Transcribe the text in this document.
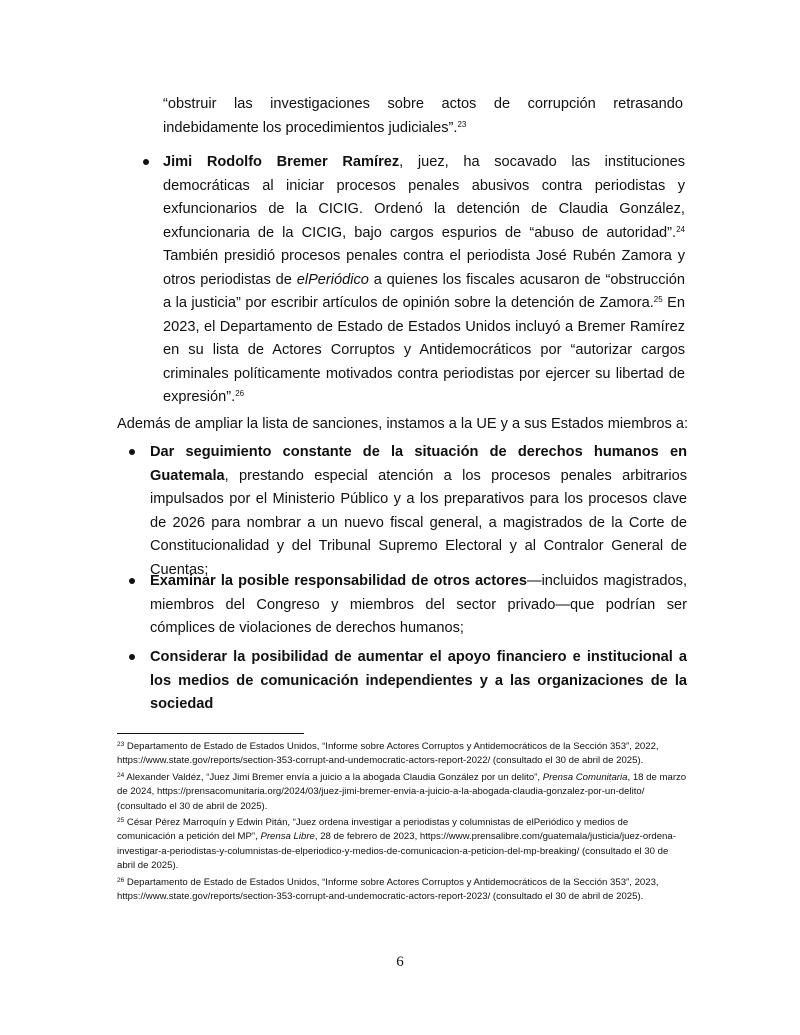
“obstruir las investigaciones sobre actos de corrupción retrasando indebidamente los procedimientos judiciales”.$^{23}$
Jimi Rodolfo Bremer Ramírez, juez, ha socavado las instituciones democráticas al iniciar procesos penales abusivos contra periodistas y exfuncionarios de la CICIG. Ordenó la detención de Claudia González, exfuncionaria de la CICIG, bajo cargos espurios de “abuso de autoridad”.$^{24}$ También presidió procesos penales contra el periodista José Rubén Zamora y otros periodistas de elPeriódico a quienes los fiscales acusaron de “obstrucción a la justicia” por escribir artículos de opinión sobre la detención de Zamora.$^{25}$ En 2023, el Departamento de Estado de Estados Unidos incluyó a Bremer Ramírez en su lista de Actores Corruptos y Antidemocráticos por “autorizar cargos criminales políticamente motivados contra periodistas por ejercer su libertad de expresión”.$^{26}$
Además de ampliar la lista de sanciones, instamos a la UE y a sus Estados miembros a:
Dar seguimiento constante de la situación de derechos humanos en Guatemala, prestando especial atención a los procesos penales arbitrarios impulsados por el Ministerio Público y a los preparativos para los procesos clave de 2026 para nombrar a un nuevo fiscal general, a magistrados de la Corte de Constitucionalidad y del Tribunal Supremo Electoral y al Contralor General de Cuentas;
Examinar la posible responsabilidad de otros actores—incluidos magistrados, miembros del Congreso y miembros del sector privado—que podrían ser cómplices de violaciones de derechos humanos;
Considerar la posibilidad de aumentar el apoyo financiero e institucional a los medios de comunicación independientes y a las organizaciones de la sociedad

$^{23}$ Departamento de Estado de Estados Unidos, “Informe sobre Actores Corruptos y Antidemocráticos de la Sección 353”, 2022, https://www.state.gov/reports/section-353-corrupt-and-undemocratic-actors-report-2022/ (consultado el 30 de abril de 2025).

$^{24}$ Alexander Valdéz, “Juez Jimi Bremer envía a juicio a la abogada Claudia González por un delito”, Prensa Comunitaria, 18 de marzo de 2024, https://prensacomunitaria.org/2024/03/juez-jimi-bremer-envia-a-juicio-a-la-abogada-claudia-gonzalez-por-un-delito/ (consultado el 30 de abril de 2025).

$^{25}$ César Pérez Marroquín y Edwin Pitán, “Juez ordena investigar a periodistas y columnistas de elPeriódico y medios de comunicación a petición del MP”, Prensa Libre, 28 de febrero de 2023, https://www.prensalibre.com/guatemala/justicia/juez-ordena-investigar-a-periodistas-y-columnistas-de-elperiodico-y-medios-de-comunicacion-a-peticion-del-mp-breaking/ (consultado el 30 de abril de 2025).

$^{26}$ Departamento de Estado de Estados Unidos, “Informe sobre Actores Corruptos y Antidemocráticos de la Sección 353”, 2023, https://www.state.gov/reports/section-353-corrupt-and-undemocratic-actors-report-2023/ (consultado el 30 de abril de 2025).

6
